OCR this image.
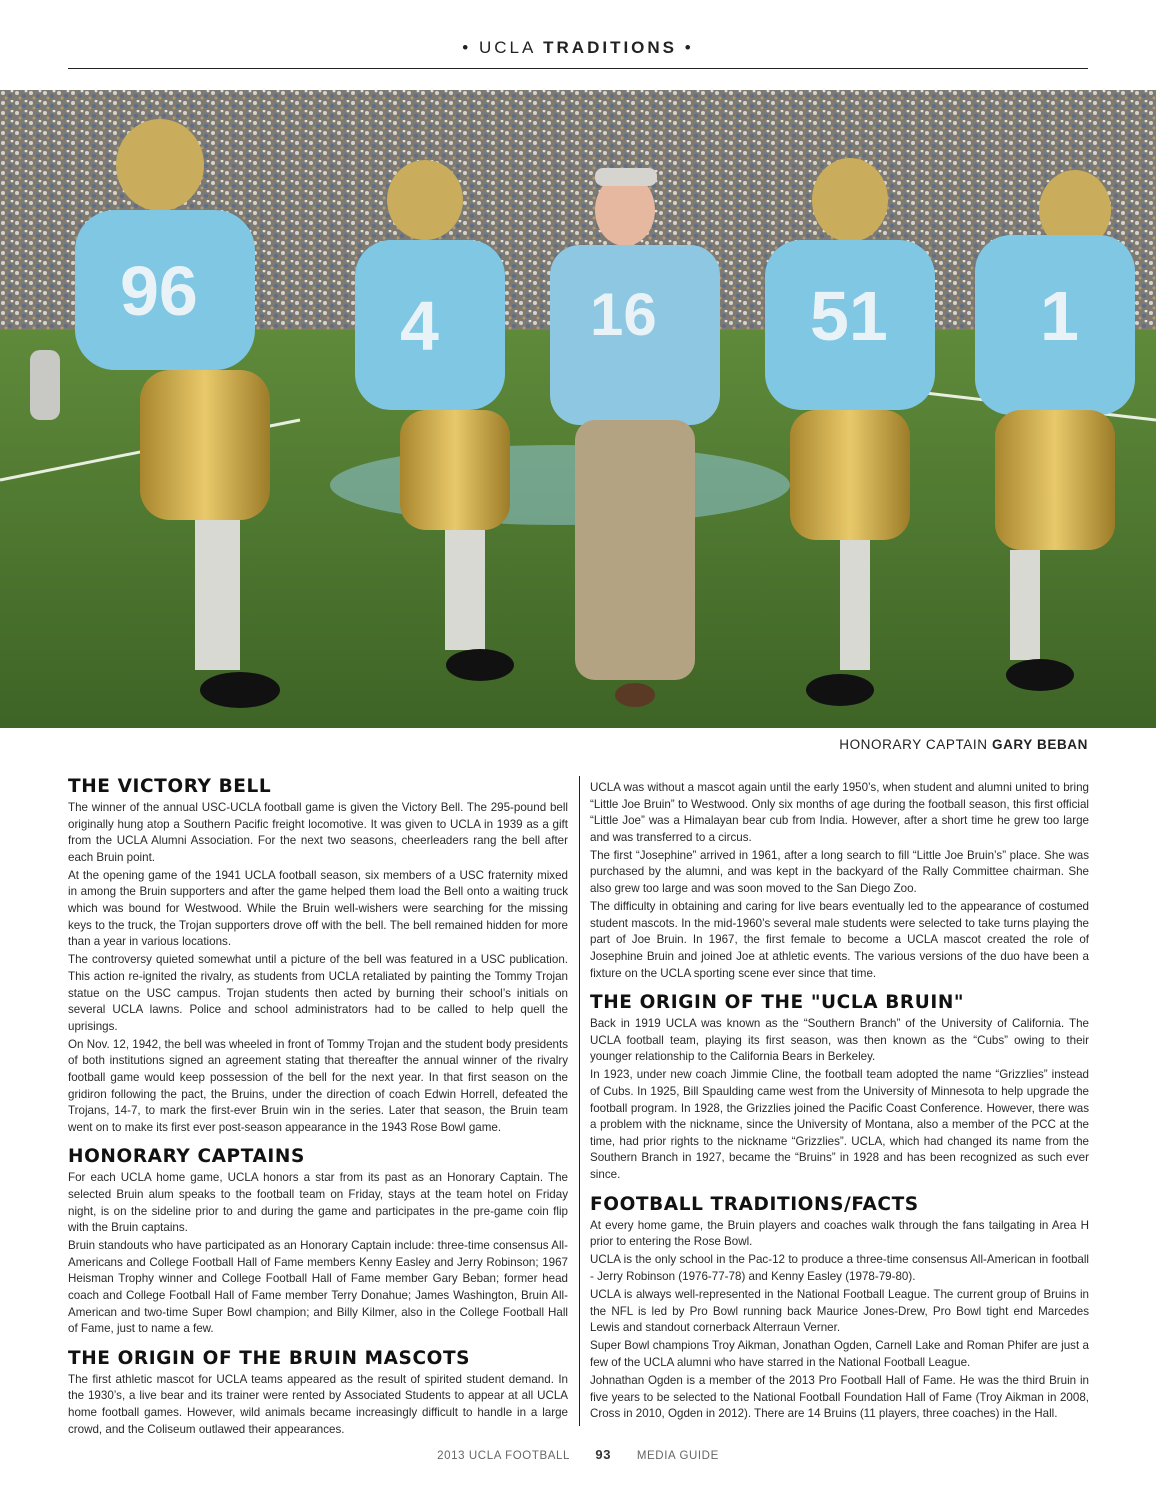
• UCLA TRADITIONS •
96	4	16 51 1
HONORARY CAPTAIN GARY BEBAN
THE VICTORY BELL

The winner of the annual USC-UCLA football game is given the Victory Bell. The 295-pound bell originally hung atop a Southern Pacific freight locomotive. It was given to UCLA in 1939 as a gift from the UCLA Alumni Association. For the next two seasons, cheerleaders rang the bell after each Bruin point.

At the opening game of the 1941 UCLA football season, six members of a USC fraternity mixed in among the Bruin supporters and after the game helped them load the Bell onto a waiting truck which was bound for Westwood. While the Bruin well-wishers were searching for the missing keys to the truck, the Trojan supporters drove off with the bell. The bell remained hidden for more than a year in various locations.

The controversy quieted somewhat until a picture of the bell was featured in a USC publication. This action re-ignited the rivalry, as students from UCLA retaliated by painting the Tommy Trojan statue on the USC campus. Trojan students then acted by burning their school’s initials on several UCLA lawns. Police and school administrators had to be called to help quell the uprisings.

On Nov. 12, 1942, the bell was wheeled in front of Tommy Trojan and the student body presidents of both institutions signed an agreement stating that thereafter the annual winner of the rivalry football game would keep possession of the bell for the next year. In that first season on the gridiron following the pact, the Bruins, under the direction of coach Edwin Horrell, defeated the Trojans, 14-7, to mark the first-ever Bruin win in the series. Later that season, the Bruin team went on to make its first ever post-season appearance in the 1943 Rose Bowl game.

HONORARY CAPTAINS

For each UCLA home game, UCLA honors a star from its past as an Honorary Captain. The selected Bruin alum speaks to the football team on Friday, stays at the team hotel on Friday night, is on the sideline prior to and during the game and participates in the pre-game coin flip with the Bruin captains.

Bruin standouts who have participated as an Honorary Captain include: three-time consensus All-Americans and College Football Hall of Fame members Kenny Easley and Jerry Robinson; 1967 Heisman Trophy winner and College Football Hall of Fame member Gary Beban; former head coach and College Football Hall of Fame member Terry Donahue; James Washington, Bruin All-American and two-time Super Bowl champion; and Billy Kilmer, also in the College Football Hall of Fame, just to name a few.

THE ORIGIN OF THE BRUIN MASCOTS

The first athletic mascot for UCLA teams appeared as the result of spirited student demand. In the 1930’s, a live bear and its trainer were rented by Associated Students to appear at all UCLA home football games. However, wild animals became increasingly difficult to handle in a large crowd, and the Coliseum outlawed their appearances.

UCLA was without a mascot again until the early 1950’s, when student and alumni united to bring “Little Joe Bruin” to Westwood. Only six months of age during the football season, this first official “Little Joe” was a Himalayan bear cub from India. However, after a short time he grew too large and was transferred to a circus.

The first “Josephine” arrived in 1961, after a long search to fill “Little Joe Bruin’s” place. She was purchased by the alumni, and was kept in the backyard of the Rally Committee chairman. She also grew too large and was soon moved to the San Diego Zoo.

The difficulty in obtaining and caring for live bears eventually led to the appearance of costumed student mascots. In the mid-1960’s several male students were selected to take turns playing the part of Joe Bruin. In 1967, the first female to become a UCLA mascot created the role of Josephine Bruin and joined Joe at athletic events. The various versions of the duo have been a fixture on the UCLA sporting scene ever since that time.

THE ORIGIN OF THE "UCLA BRUIN"

Back in 1919 UCLA was known as the “Southern Branch” of the University of California. The UCLA football team, playing its first season, was then known as the “Cubs” owing to their younger relationship to the California Bears in Berkeley.

In 1923, under new coach Jimmie Cline, the football team adopted the name “Grizzlies” instead of Cubs. In 1925, Bill Spaulding came west from the University of Minnesota to help upgrade the football program. In 1928, the Grizzlies joined the Pacific Coast Conference. However, there was a problem with the nickname, since the University of Montana, also a member of the PCC at the time, had prior rights to the nickname “Grizzlies”. UCLA, which had changed its name from the Southern Branch in 1927, became the “Bruins” in 1928 and has been recognized as such ever since.

FOOTBALL TRADITIONS/FACTS

At every home game, the Bruin players and coaches walk through the fans tailgating in Area H prior to entering the Rose Bowl.

UCLA is the only school in the Pac-12 to produce a three-time consensus All-American in football - Jerry Robinson (1976-77-78) and Kenny Easley (1978-79-80).

UCLA is always well-represented in the National Football League. The current group of Bruins in the NFL is led by Pro Bowl running back Maurice Jones-Drew, Pro Bowl tight end Marcedes Lewis and standout cornerback Alterraun Verner.

Super Bowl champions Troy Aikman, Jonathan Ogden, Carnell Lake and Roman Phifer are just a few of the UCLA alumni who have starred in the National Football League.

Johnathan Ogden is a member of the 2013 Pro Football Hall of Fame. He was the third Bruin in five years to be selected to the National Football Foundation Hall of Fame (Troy Aikman in 2008, Cross in 2010, Ogden in 2012). There are 14 Bruins (11 players, three coaches) in the Hall.

2013 UCLA FOOTBALL 93 MEDIA GUIDE
